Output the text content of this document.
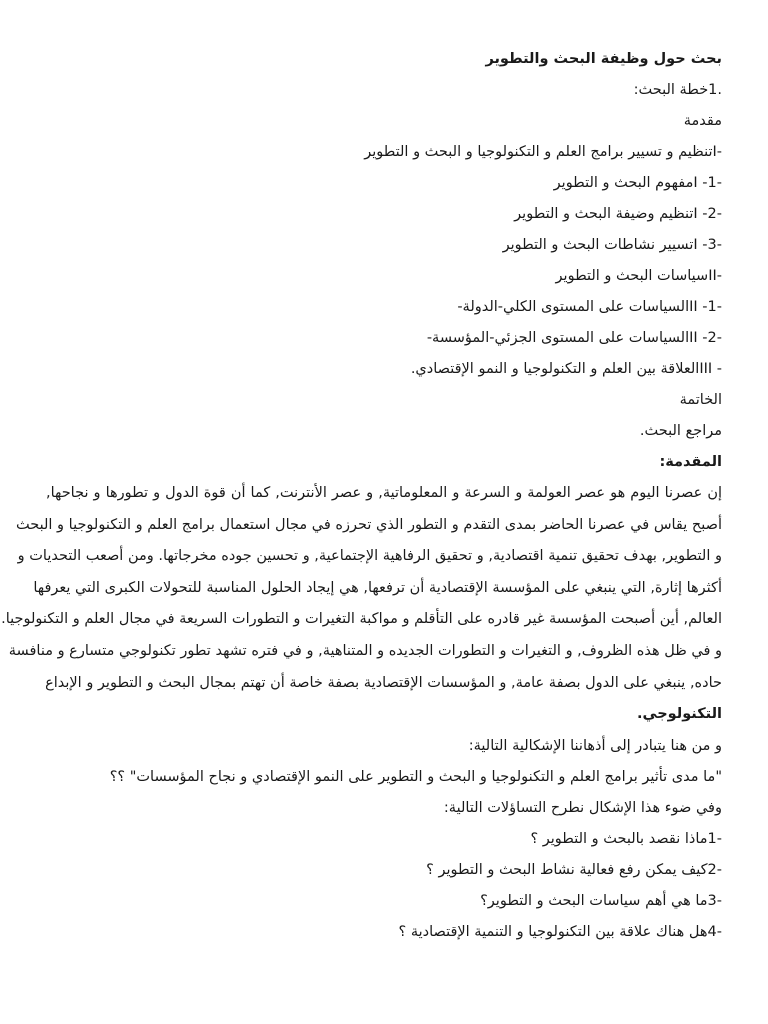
بحث حول وظيفة البحث والتطوير
.1خطة البحث:
مقدمة
-Iتنظيم و تسيير برامج العلم و التكنولوجيا و البحث و التطوير
-1- Iمفهوم البحث و التطوير
-2- Iتنظيم وضيفة البحث و التطوير
-3- Iتسيير نشاطات البحث و التطوير
-IIسياسات البحث و التطوير
-1- IIالسياسات على المستوى الكلي-الدولة-
-2- IIالسياسات على المستوى الجزئي-المؤسسة-
- IIIالعلاقة بين العلم و التكنولوجيا و النمو الإقتصادي.
الخاتمة
مراجع البحث.
المقدمة:
إن عصرنا اليوم هو عصر العولمة و السرعة و المعلوماتية, و عصر الأنترنت, كما أن قوة الدول و تطورها و نجاحها,
أصبح يقاس في عصرنا الحاضر بمدى التقدم و التطور الذي تحرزه في مجال استعمال برامج العلم و التكنولوجيا و البحث
و التطوير, بهدف تحقيق تنمية اقتصادية, و تحقيق الرفاهية الإجتماعية, و تحسين جوده مخرجاتها. ومن أصعب التحديات و
أكثرها إثارة, التي ينبغي على المؤسسة الإقتصادية أن ترفعها, هي إيجاد الحلول المناسبة للتحولات الكبرى التي يعرفها
العالم, أين أصبحت المؤسسة غير قادره على التأقلم و مواكبة التغيرات و التطورات السريعة في مجال العلم و التكنولوجيا.
و في ظل هذه الظروف, و التغيرات و التطورات الجديده و المتناهية, و في فتره تشهد تطور تكنولوجي متسارع و منافسة
حاده, ينبغي على الدول بصفة عامة, و المؤسسات الإقتصادية بصفة خاصة أن تهتم بمجال البحث و التطوير و الإبداع
التكنولوجي.
و من هنا يتبادر إلى أذهاننا الإشكالية التالية:
"ما مدى تأثير برامج العلم و التكنولوجيا و البحث و التطوير على النمو الإقتصادي و نجاح المؤسسات" ؟؟
وفي ضوء هذا الإشكال نطرح التساؤلات التالية:
-1ماذا نقصد بالبحث و التطوير ؟
-2كيف يمكن رفع فعالية نشاط البحث و التطوير ؟
-3ما هي أهم سياسات البحث و التطوير؟
-4هل هناك علاقة بين التكنولوجيا و التنمية الإقتصادية ؟
